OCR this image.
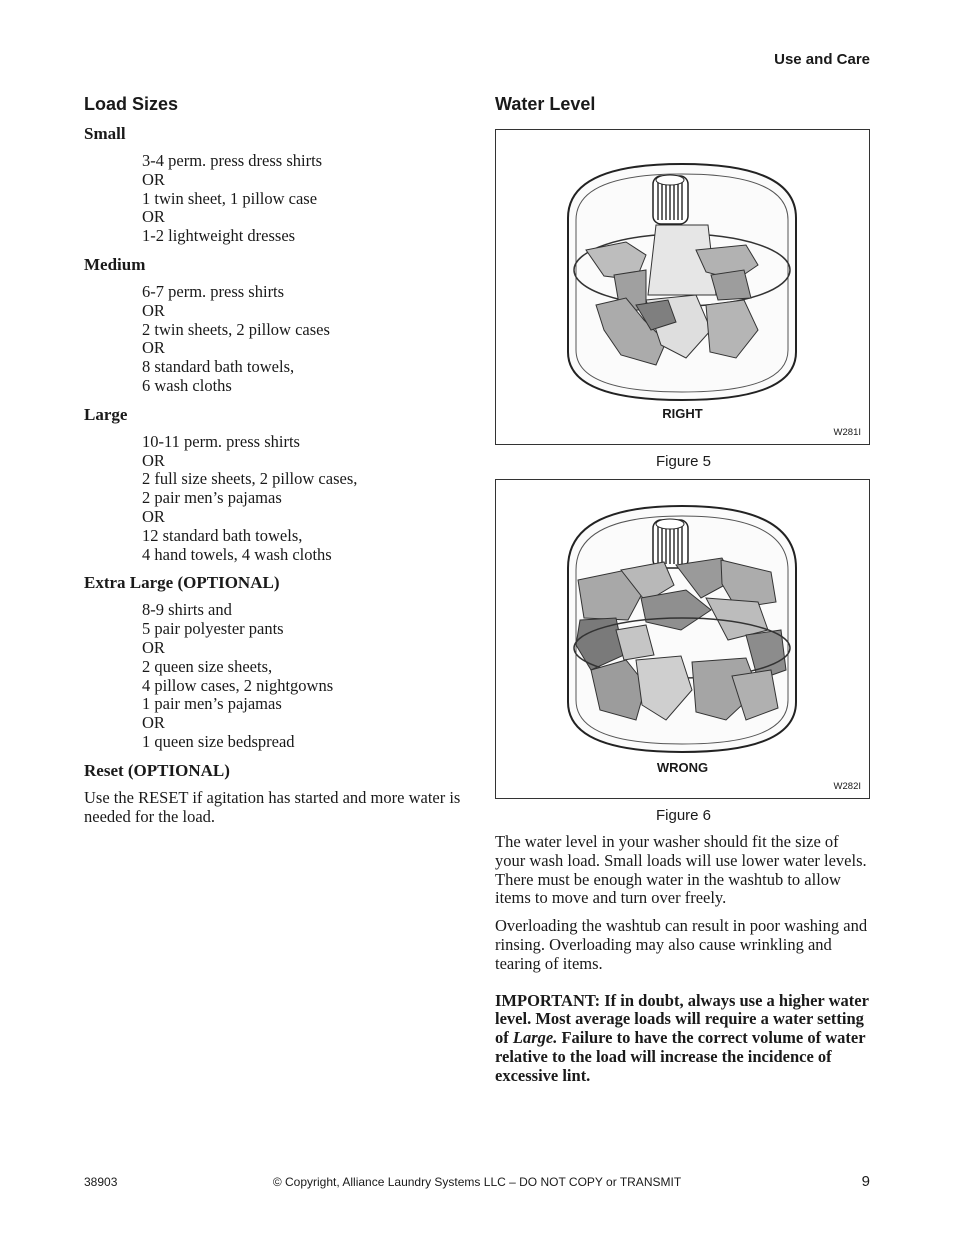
Use and Care
Load Sizes
Small
3-4 perm. press dress shirts
OR
1 twin sheet, 1 pillow case
OR
1-2 lightweight dresses
Medium
6-7 perm. press shirts
OR
2 twin sheets, 2 pillow cases
OR
8 standard bath towels,
6 wash cloths
Large
10-11 perm. press shirts
OR
2 full size sheets, 2 pillow cases,
2 pair men’s pajamas
OR
12 standard bath towels,
4 hand towels, 4 wash cloths
Extra Large (OPTIONAL)
8-9 shirts and
5 pair polyester pants
OR
2 queen size sheets,
4 pillow cases, 2 nightgowns
1 pair men’s pajamas
OR
1 queen size bedspread
Reset (OPTIONAL)

Use the RESET if agitation has started and more water is needed for the load.

Water Level
RIGHT
W281I
Figure 5
WRONG
W282I
Figure 6

The water level in your washer should fit the size of your wash load. Small loads will use lower water levels. There must be enough water in the washtub to allow items to move and turn over freely.

Overloading the washtub can result in poor washing and rinsing. Overloading may also cause wrinkling and tearing of items.

IMPORTANT: If in doubt, always use a higher water level. Most average loads will require a water setting of Large. Failure to have the correct volume of water relative to the load will increase the incidence of excessive lint.
38903	© Copyright, Alliance Laundry Systems LLC – DO NOT COPY or TRANSMIT	9
